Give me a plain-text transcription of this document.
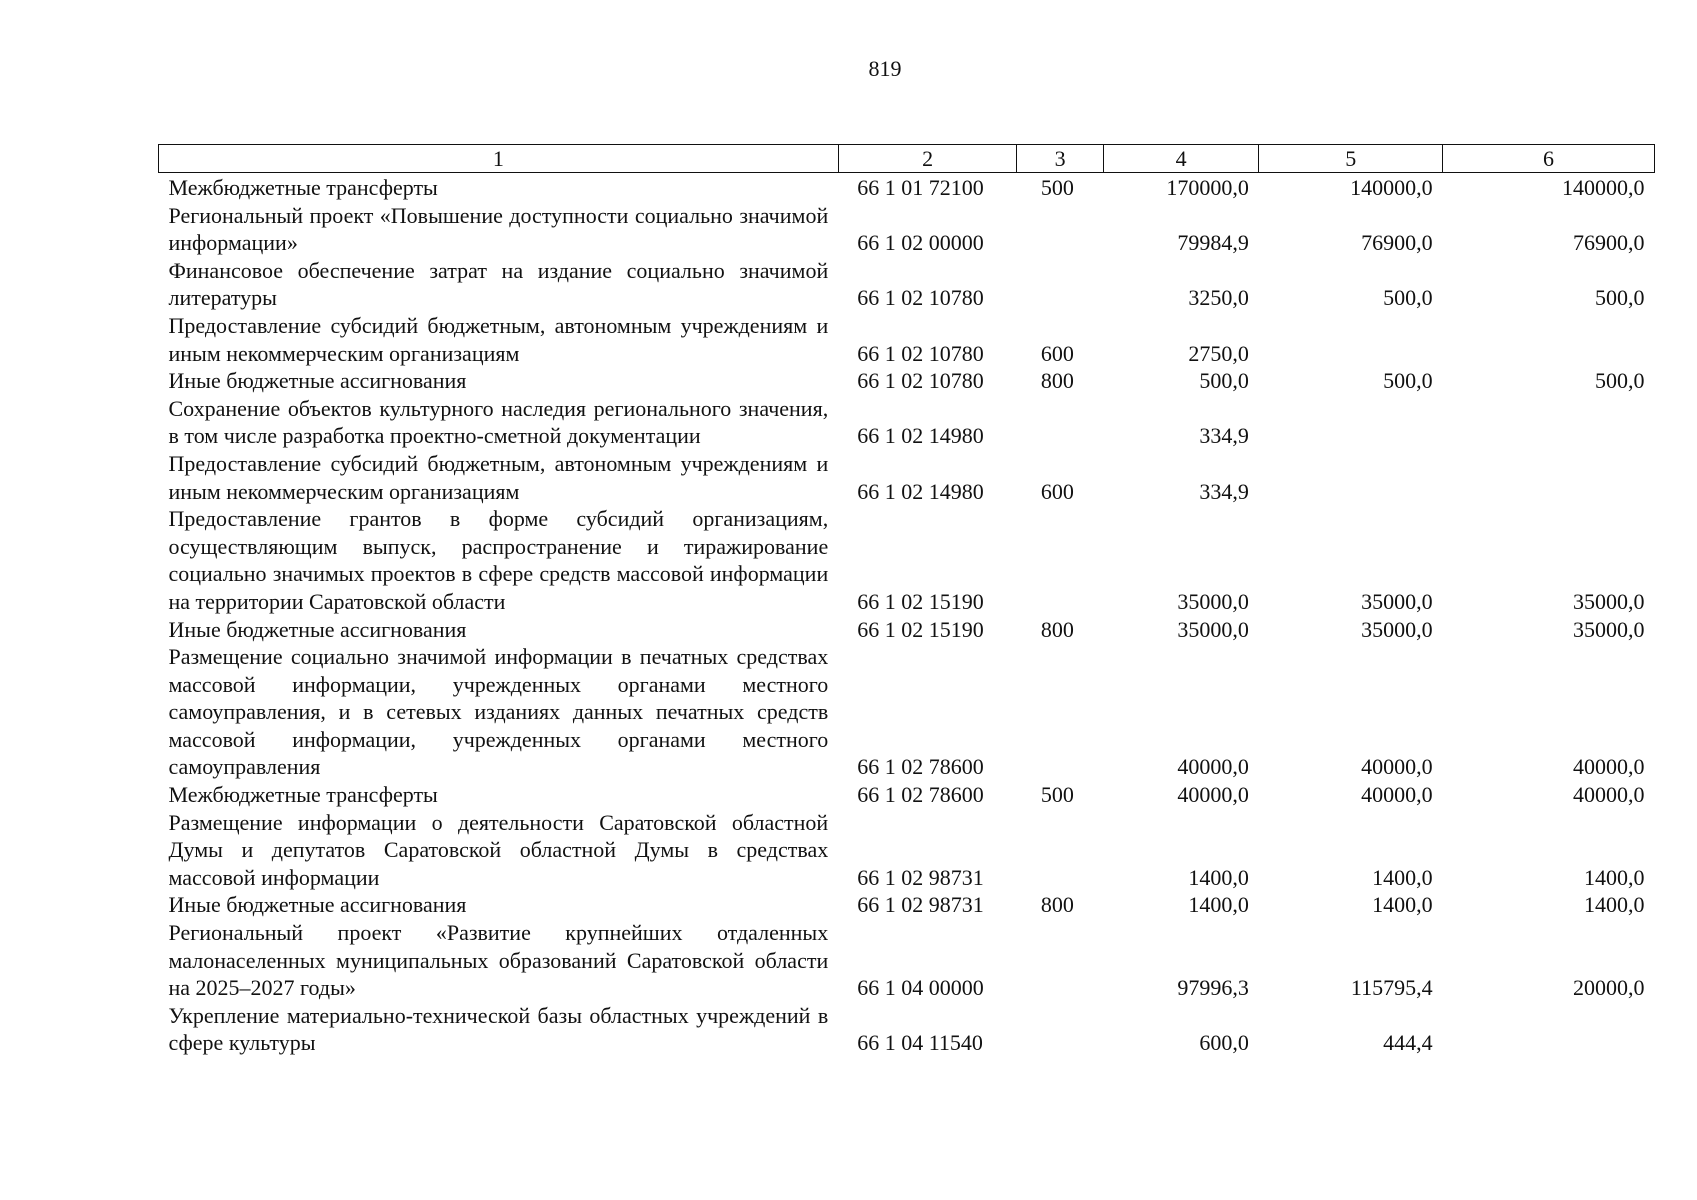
819
1	2	3	4	5	6
Межбюджетные трансферты	66 1 01 72100	500	170000,0	140000,0	140000,0
Региональный проект «Повышение доступности социально значимой информации»	66 1 02 00000		79984,9	76900,0	76900,0
Финансовое обеспечение затрат на издание социально значимой литературы	66 1 02 10780		3250,0	500,0	500,0
Предоставление субсидий бюджетным, автономным учреждениям и иным некоммерческим организациям	66 1 02 10780	600	2750,0		
Иные бюджетные ассигнования	66 1 02 10780	800	500,0	500,0	500,0
Сохранение объектов культурного наследия регионального значения, в том числе разработка проектно-сметной документации	66 1 02 14980		334,9		
Предоставление субсидий бюджетным, автономным учреждениям и иным некоммерческим организациям	66 1 02 14980	600	334,9		
Предоставление грантов в форме субсидий организациям, осуществляющим выпуск, распространение и тиражирование социально значимых проектов в сфере средств массовой информации на территории Саратовской области	66 1 02 15190		35000,0	35000,0	35000,0
Иные бюджетные ассигнования	66 1 02 15190	800	35000,0	35000,0	35000,0
Размещение социально значимой информации в печатных средствах массовой информации, учрежденных органами местного самоуправления, и в сетевых изданиях данных печатных средств массовой информации, учрежденных органами местного самоуправления	66 1 02 78600		40000,0	40000,0	40000,0
Межбюджетные трансферты	66 1 02 78600	500	40000,0	40000,0	40000,0
Размещение информации о деятельности Саратовской областной Думы и депутатов Саратовской областной Думы в средствах массовой информации	66 1 02 98731		1400,0	1400,0	1400,0
Иные бюджетные ассигнования	66 1 02 98731	800	1400,0	1400,0	1400,0
Региональный проект «Развитие крупнейших отдаленных малонаселенных муниципальных образований Саратовской области на 2025–2027 годы»	66 1 04 00000		97996,3	115795,4	20000,0
Укрепление материально-технической базы областных учреждений в сфере культуры	66 1 04 11540		600,0	444,4	
